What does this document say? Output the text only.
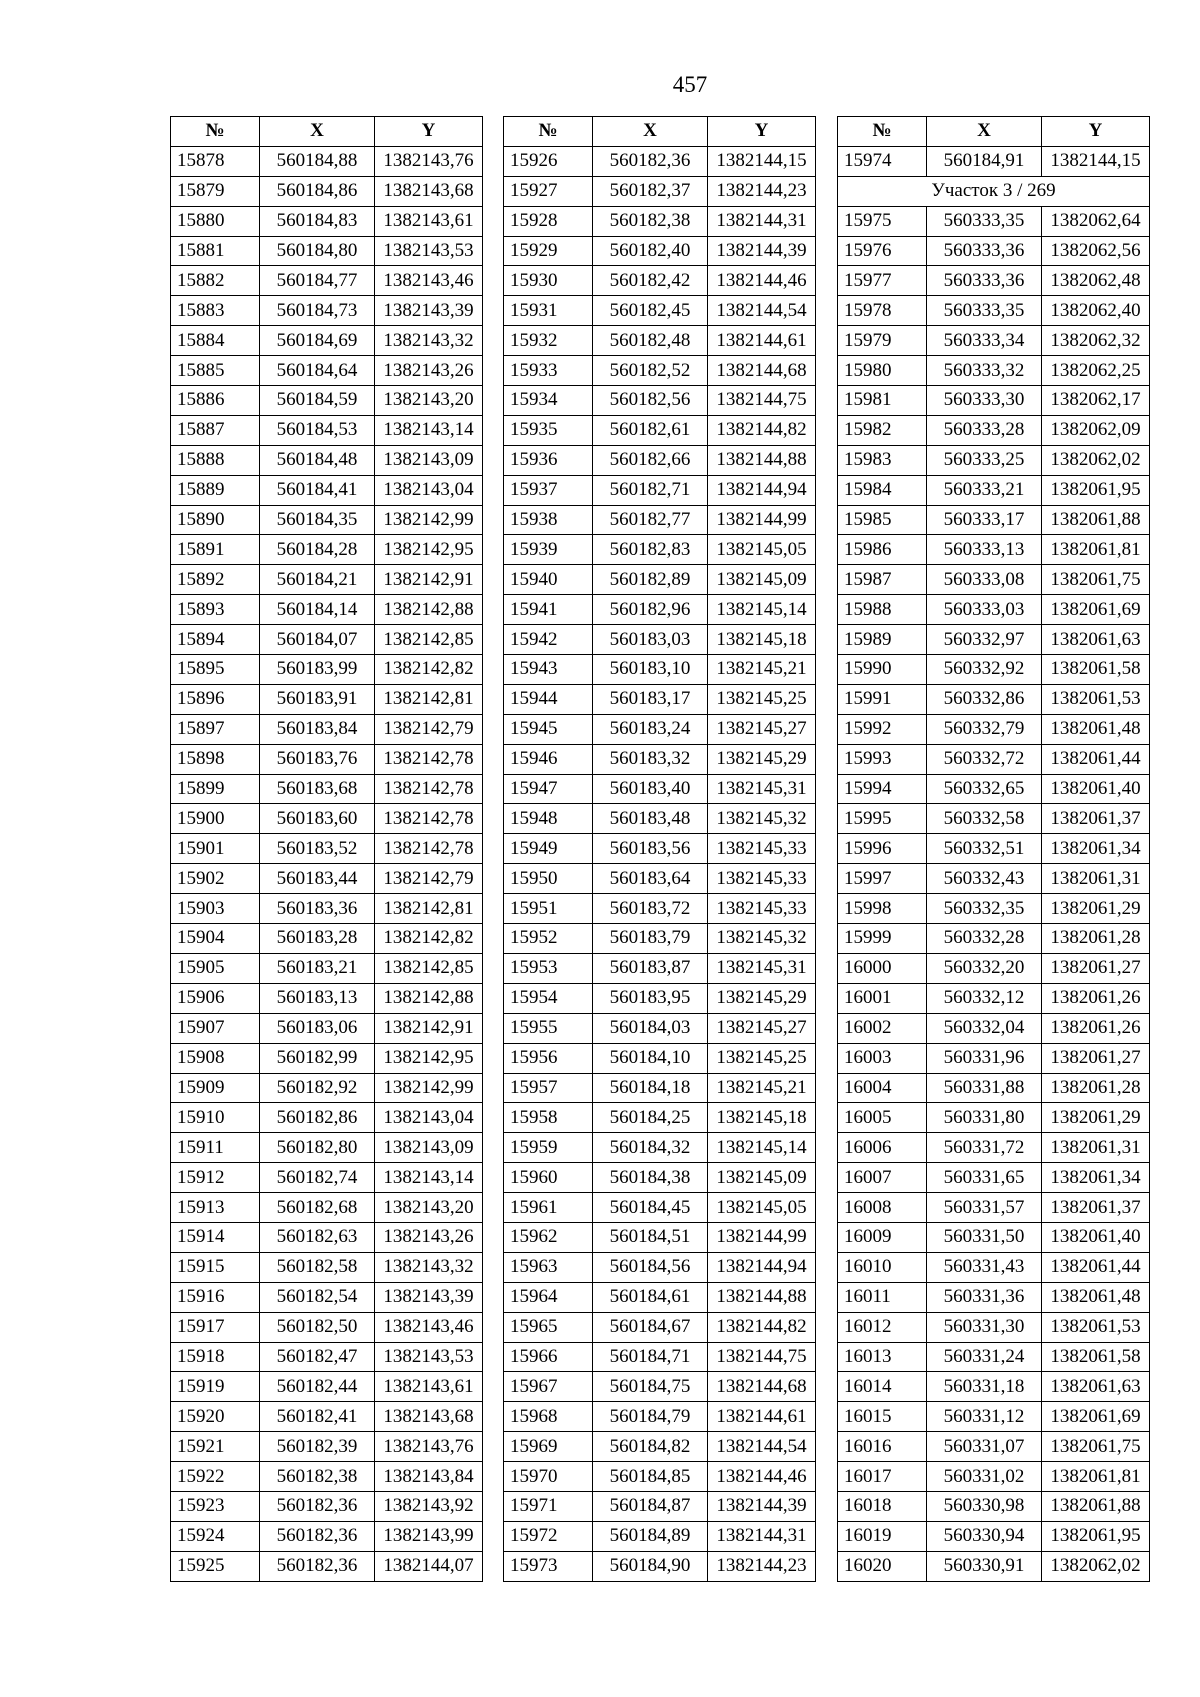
457
№	X	Y
15878	560184,88	1382143,76
15879	560184,86	1382143,68
15880	560184,83	1382143,61
15881	560184,80	1382143,53
15882	560184,77	1382143,46
15883	560184,73	1382143,39
15884	560184,69	1382143,32
15885	560184,64	1382143,26
15886	560184,59	1382143,20
15887	560184,53	1382143,14
15888	560184,48	1382143,09
15889	560184,41	1382143,04
15890	560184,35	1382142,99
15891	560184,28	1382142,95
15892	560184,21	1382142,91
15893	560184,14	1382142,88
15894	560184,07	1382142,85
15895	560183,99	1382142,82
15896	560183,91	1382142,81
15897	560183,84	1382142,79
15898	560183,76	1382142,78
15899	560183,68	1382142,78
15900	560183,60	1382142,78
15901	560183,52	1382142,78
15902	560183,44	1382142,79
15903	560183,36	1382142,81
15904	560183,28	1382142,82
15905	560183,21	1382142,85
15906	560183,13	1382142,88
15907	560183,06	1382142,91
15908	560182,99	1382142,95
15909	560182,92	1382142,99
15910	560182,86	1382143,04
15911	560182,80	1382143,09
15912	560182,74	1382143,14
15913	560182,68	1382143,20
15914	560182,63	1382143,26
15915	560182,58	1382143,32
15916	560182,54	1382143,39
15917	560182,50	1382143,46
15918	560182,47	1382143,53
15919	560182,44	1382143,61
15920	560182,41	1382143,68
15921	560182,39	1382143,76
15922	560182,38	1382143,84
15923	560182,36	1382143,92
15924	560182,36	1382143,99
15925	560182,36	1382144,07
№	X	Y
15926	560182,36	1382144,15
15927	560182,37	1382144,23
15928	560182,38	1382144,31
15929	560182,40	1382144,39
15930	560182,42	1382144,46
15931	560182,45	1382144,54
15932	560182,48	1382144,61
15933	560182,52	1382144,68
15934	560182,56	1382144,75
15935	560182,61	1382144,82
15936	560182,66	1382144,88
15937	560182,71	1382144,94
15938	560182,77	1382144,99
15939	560182,83	1382145,05
15940	560182,89	1382145,09
15941	560182,96	1382145,14
15942	560183,03	1382145,18
15943	560183,10	1382145,21
15944	560183,17	1382145,25
15945	560183,24	1382145,27
15946	560183,32	1382145,29
15947	560183,40	1382145,31
15948	560183,48	1382145,32
15949	560183,56	1382145,33
15950	560183,64	1382145,33
15951	560183,72	1382145,33
15952	560183,79	1382145,32
15953	560183,87	1382145,31
15954	560183,95	1382145,29
15955	560184,03	1382145,27
15956	560184,10	1382145,25
15957	560184,18	1382145,21
15958	560184,25	1382145,18
15959	560184,32	1382145,14
15960	560184,38	1382145,09
15961	560184,45	1382145,05
15962	560184,51	1382144,99
15963	560184,56	1382144,94
15964	560184,61	1382144,88
15965	560184,67	1382144,82
15966	560184,71	1382144,75
15967	560184,75	1382144,68
15968	560184,79	1382144,61
15969	560184,82	1382144,54
15970	560184,85	1382144,46
15971	560184,87	1382144,39
15972	560184,89	1382144,31
15973	560184,90	1382144,23
№	X	Y
15974	560184,91	1382144,15
Участок 3 / 269		
15975	560333,35	1382062,64
15976	560333,36	1382062,56
15977	560333,36	1382062,48
15978	560333,35	1382062,40
15979	560333,34	1382062,32
15980	560333,32	1382062,25
15981	560333,30	1382062,17
15982	560333,28	1382062,09
15983	560333,25	1382062,02
15984	560333,21	1382061,95
15985	560333,17	1382061,88
15986	560333,13	1382061,81
15987	560333,08	1382061,75
15988	560333,03	1382061,69
15989	560332,97	1382061,63
15990	560332,92	1382061,58
15991	560332,86	1382061,53
15992	560332,79	1382061,48
15993	560332,72	1382061,44
15994	560332,65	1382061,40
15995	560332,58	1382061,37
15996	560332,51	1382061,34
15997	560332,43	1382061,31
15998	560332,35	1382061,29
15999	560332,28	1382061,28
16000	560332,20	1382061,27
16001	560332,12	1382061,26
16002	560332,04	1382061,26
16003	560331,96	1382061,27
16004	560331,88	1382061,28
16005	560331,80	1382061,29
16006	560331,72	1382061,31
16007	560331,65	1382061,34
16008	560331,57	1382061,37
16009	560331,50	1382061,40
16010	560331,43	1382061,44
16011	560331,36	1382061,48
16012	560331,30	1382061,53
16013	560331,24	1382061,58
16014	560331,18	1382061,63
16015	560331,12	1382061,69
16016	560331,07	1382061,75
16017	560331,02	1382061,81
16018	560330,98	1382061,88
16019	560330,94	1382061,95
16020	560330,91	1382062,02
